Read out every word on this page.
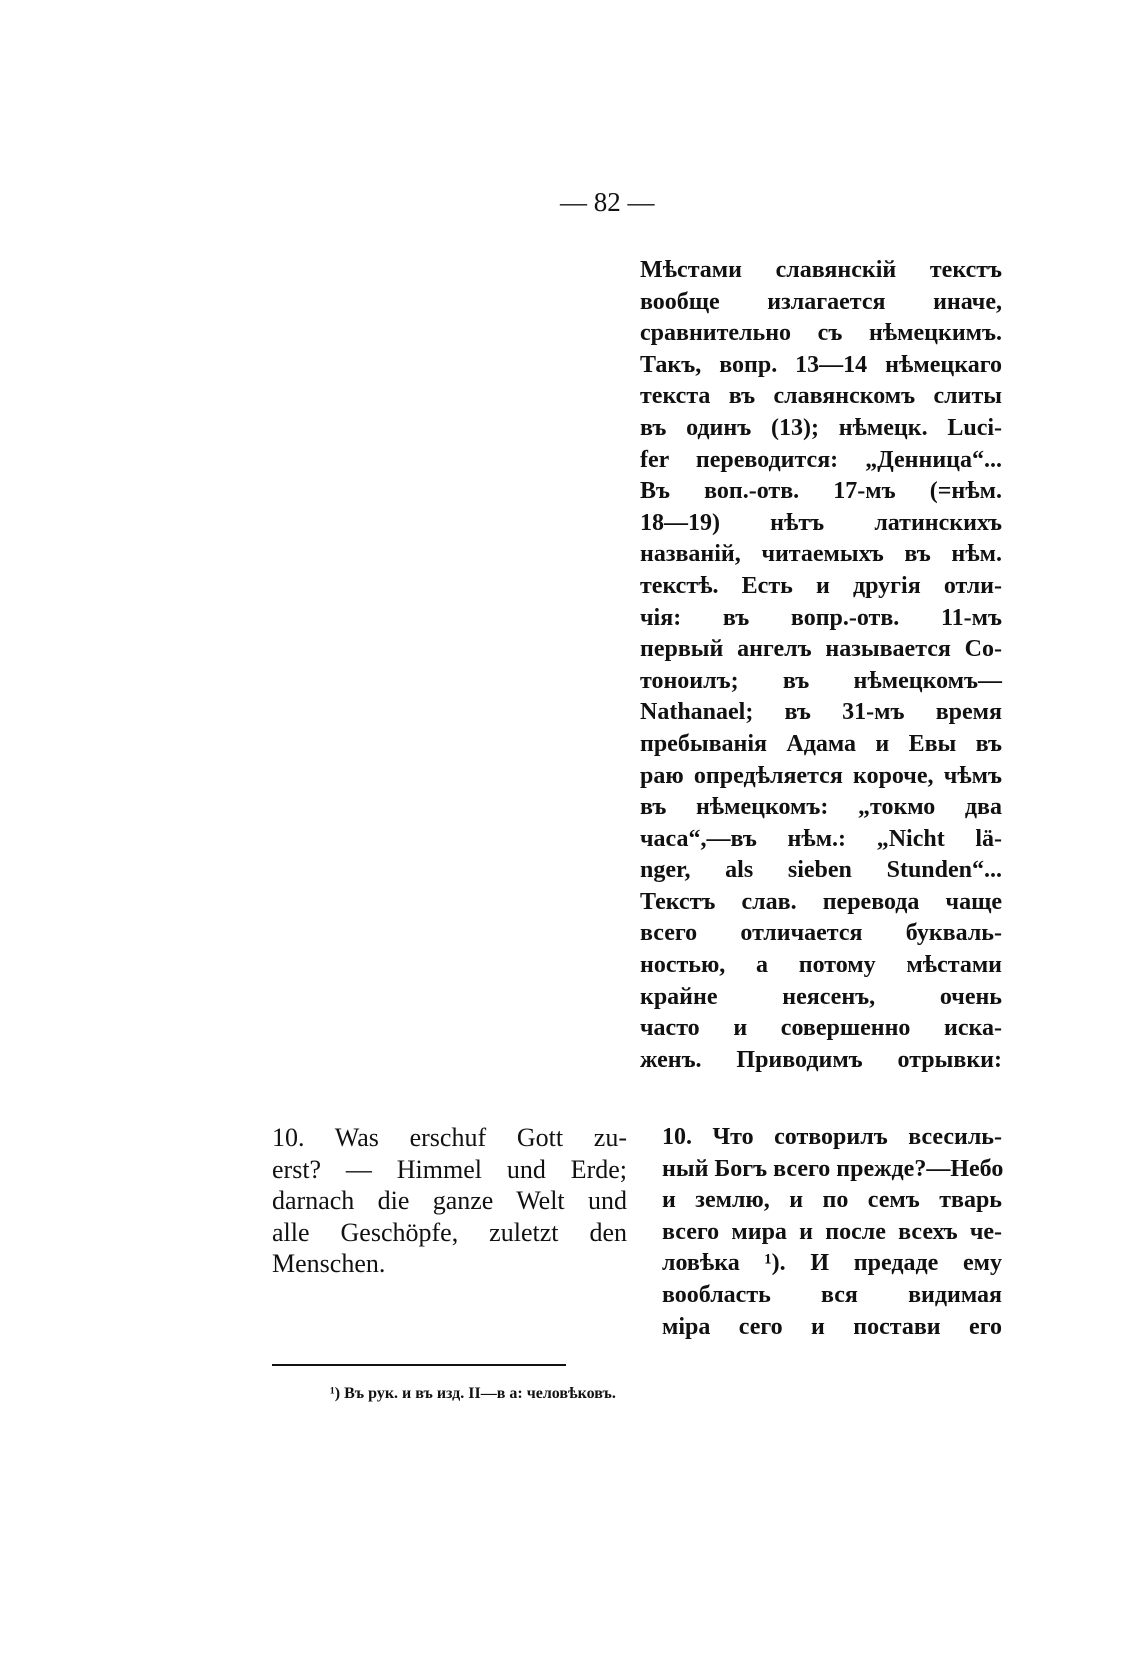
— 82 —
Мѣстами славянскій текстъ
вообще излагается иначе,
сравнительно съ нѣмецкимъ.
Такъ, вопр. 13—14 нѣмецкаго
текста въ славянскомъ слиты
въ одинъ (13); нѣмецк. Luci-
fer переводится: „Денница“...
Въ воп.-отв. 17-мъ (=нѣм.
18—19) нѣтъ латинскихъ
названій, читаемыхъ въ нѣм.
текстѣ. Есть и другія отли-
чія: въ вопр.-отв. 11-мъ
первый ангелъ называется Со-
тоноилъ; въ нѣмецкомъ—
Nathanael; въ 31-мъ время
пребыванія Адама и Евы въ
раю опредѣляется короче, чѣмъ
въ нѣмецкомъ: „токмо два
часа“,—въ нѣм.: „Nicht lä-
nger, als sieben Stunden“...
Текстъ слав. перевода чаще
всего отличается букваль-
ностью, а потому мѣстами
крайне неясенъ, очень
часто и совершенно иска-
женъ. Приводимъ отрывки:
10. Was erschuf Gott zu-
erst? — Himmel und Erde;
darnach die ganze Welt und
alle Geschöpfe, zuletzt den
Menschen.
10. Что сотворилъ всесиль-
ный Богъ всего прежде?—Небо
и землю, и по семъ тварь
всего мира и после всехъ че-
ловѣка ¹). И предаде ему
вообласть вся видимая
міра сего и постави его
¹) Въ рук. и въ изд. II—в а: человѣковъ.
